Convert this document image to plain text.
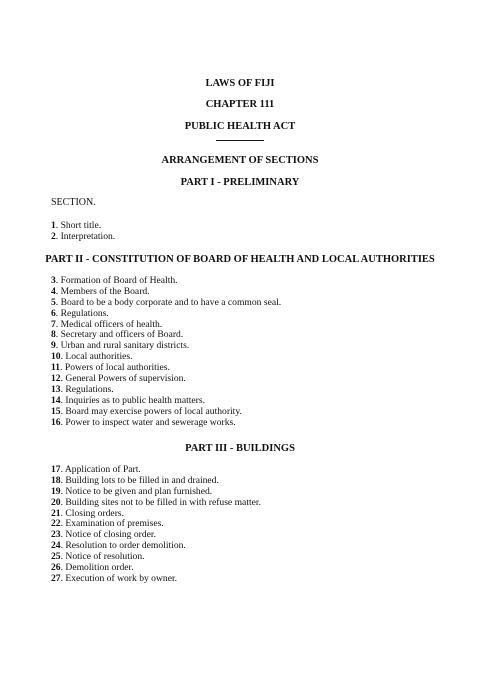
LAWS OF FIJI
CHAPTER 111
PUBLIC HEALTH ACT
ARRANGEMENT OF SECTIONS
PART I - PRELIMINARY
SECTION.
1. Short title.
2. Interpretation.
PART II - CONSTITUTION OF BOARD OF HEALTH AND LOCAL AUTHORITIES
3. Formation of Board of Health.
4. Members of the Board.
5. Board to be a body corporate and to have a common seal.
6. Regulations.
7. Medical officers of health.
8. Secretary and officers of Board.
9. Urban and rural sanitary districts.
10. Local authorities.
11. Powers of local authorities.
12. General Powers of supervision.
13. Regulations.
14. Inquiries as to public health matters.
15. Board may exercise powers of local authority.
16. Power to inspect water and sewerage works.
PART III - BUILDINGS
17. Application of Part.
18. Building lots to be filled in and drained.
19. Notice to be given and plan furnished.
20. Building sites not to be filled in with refuse matter.
21. Closing orders.
22. Examination of premises.
23. Notice of closing order.
24. Resolution to order demolition.
25. Notice of resolution.
26. Demolition order.
27. Execution of work by owner.
